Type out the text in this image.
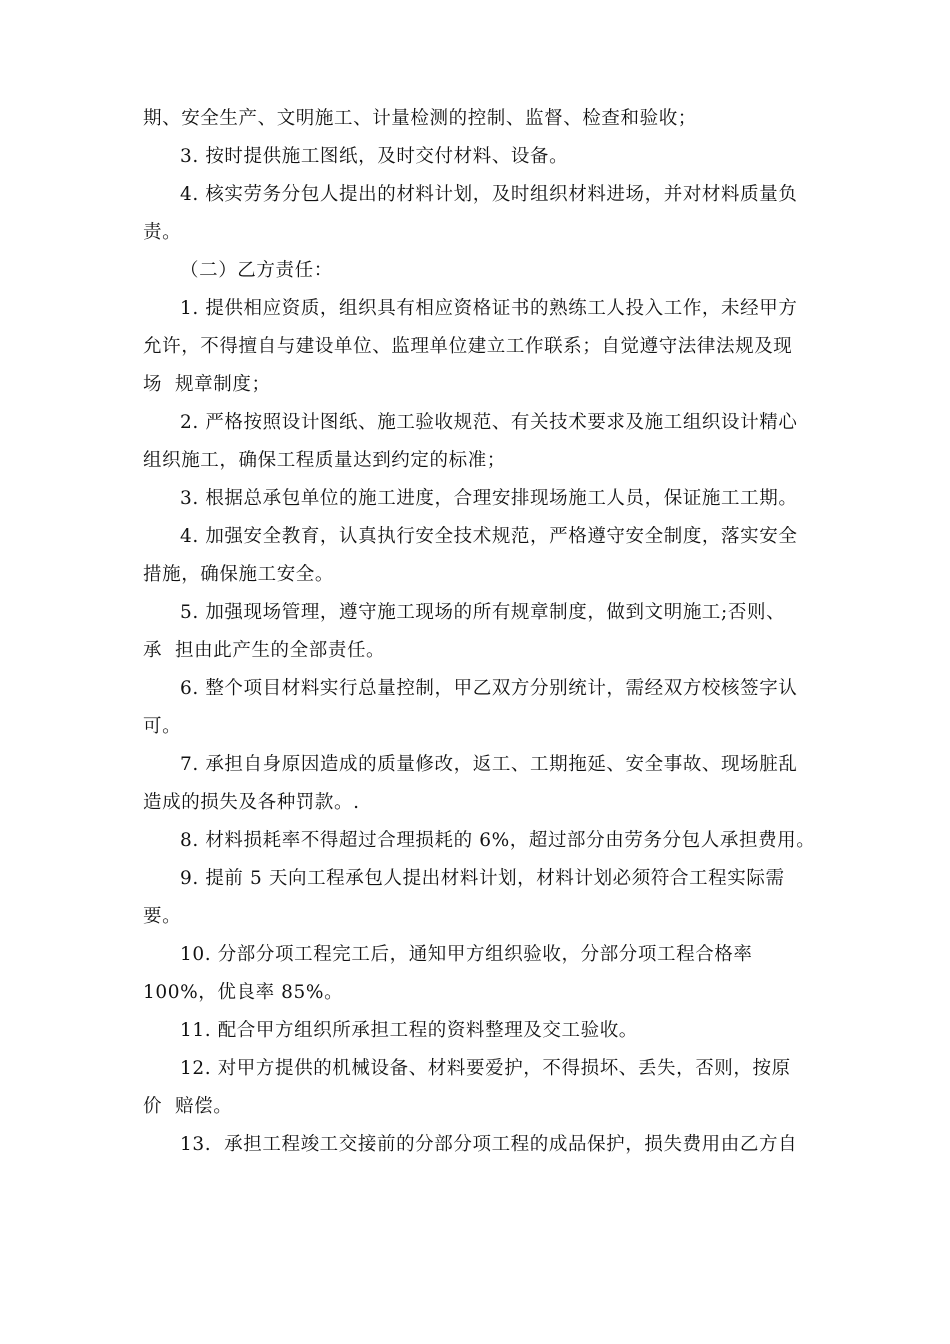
期、安全生产、文明施工、计量检测的控制、监督、检查和验收；
3. 按时提供施工图纸，及时交付材料、设备。
4. 核实劳务分包人提出的材料计划，及时组织材料进场，并对材料质量负
责。
（二）乙方责任：
1. 提供相应资质，组织具有相应资格证书的熟练工人投入工作，未经甲方
允许，不得擅自与建设单位、监理单位建立工作联系；自觉遵守法律法规及现
场  规章制度；
2. 严格按照设计图纸、施工验收规范、有关技术要求及施工组织设计精心
组织施工，确保工程质量达到约定的标准；
3. 根据总承包单位的施工进度，合理安排现场施工人员，保证施工工期。
4. 加强安全教育，认真执行安全技术规范，严格遵守安全制度，落实安全
措施，确保施工安全。
5. 加强现场管理，遵守施工现场的所有规章制度，做到文明施工;否则、
承  担由此产生的全部责任。
6. 整个项目材料实行总量控制，甲乙双方分别统计，需经双方校核签字认
可。
7. 承担自身原因造成的质量修改，返工、工期拖延、安全事故、现场脏乱
造成的损失及各种罚款。.
8. 材料损耗率不得超过合理损耗的 6%，超过部分由劳务分包人承担费用。
9. 提前 5 天向工程承包人提出材料计划，材料计划必须符合工程实际需
要。
10. 分部分项工程完工后，通知甲方组织验收，分部分项工程合格率
100%，优良率 85%。
11. 配合甲方组织所承担工程的资料整理及交工验收。
12. 对甲方提供的机械设备、材料要爱护，不得损坏、丢失，否则，按原
价  赔偿。
13.  承担工程竣工交接前的分部分项工程的成品保护，损失费用由乙方自
